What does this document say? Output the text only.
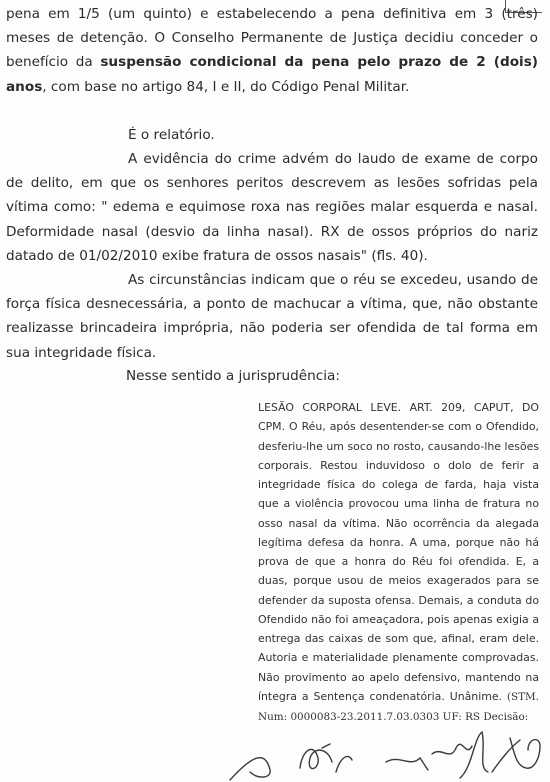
pena em 1/5 (um quinto) e estabelecendo a pena definitiva em 3 (três) meses de detenção. O Conselho Permanente de Justiça decidiu conceder o benefício da suspensão condicional da pena pelo prazo de 2 (dois) anos, com base no artigo 84, I e II, do Código Penal Militar.

É o relatório.

A evidência do crime advém do laudo de exame de corpo de delito, em que os senhores peritos descrevem as lesões sofridas pela vítima como: " edema e equimose roxa nas regiões malar esquerda e nasal. Deformidade nasal (desvio da linha nasal). RX de ossos próprios do nariz datado de 01/02/2010 exibe fratura de ossos nasais" (fls. 40).

As circunstâncias indicam que o réu se excedeu, usando de força física desnecessária, a ponto de machucar a vítima, que, não obstante realizasse brincadeira imprópria, não poderia ser ofendida de tal forma em sua integridade física.

Nesse sentido a jurisprudência:

LESÃO CORPORAL LEVE. ART. 209, CAPUT, DO CPM. O Réu, após desentender-se com o Ofendido, desferiu-lhe um soco no rosto, causando-lhe lesões corporais. Restou induvidoso o dolo de ferir a integridade física do colega de farda, haja vista que a violência provocou uma linha de fratura no osso nasal da vítima. Não ocorrência da alegada legítima defesa da honra. A uma, porque não há prova de que a honra do Réu foi ofendida. E, a duas, porque usou de meios exagerados para se defender da suposta ofensa. Demais, a conduta do Ofendido não foi ameaçadora, pois apenas exigia a entrega das caixas de som que, afinal, eram dele. Autoria e materialidade plenamente comprovadas. Não provimento ao apelo defensivo, mantendo na íntegra a Sentença condenatória. Unânime. (STM. Num: 0000083-23.2011.7.03.0303 UF: RS Decisão:
